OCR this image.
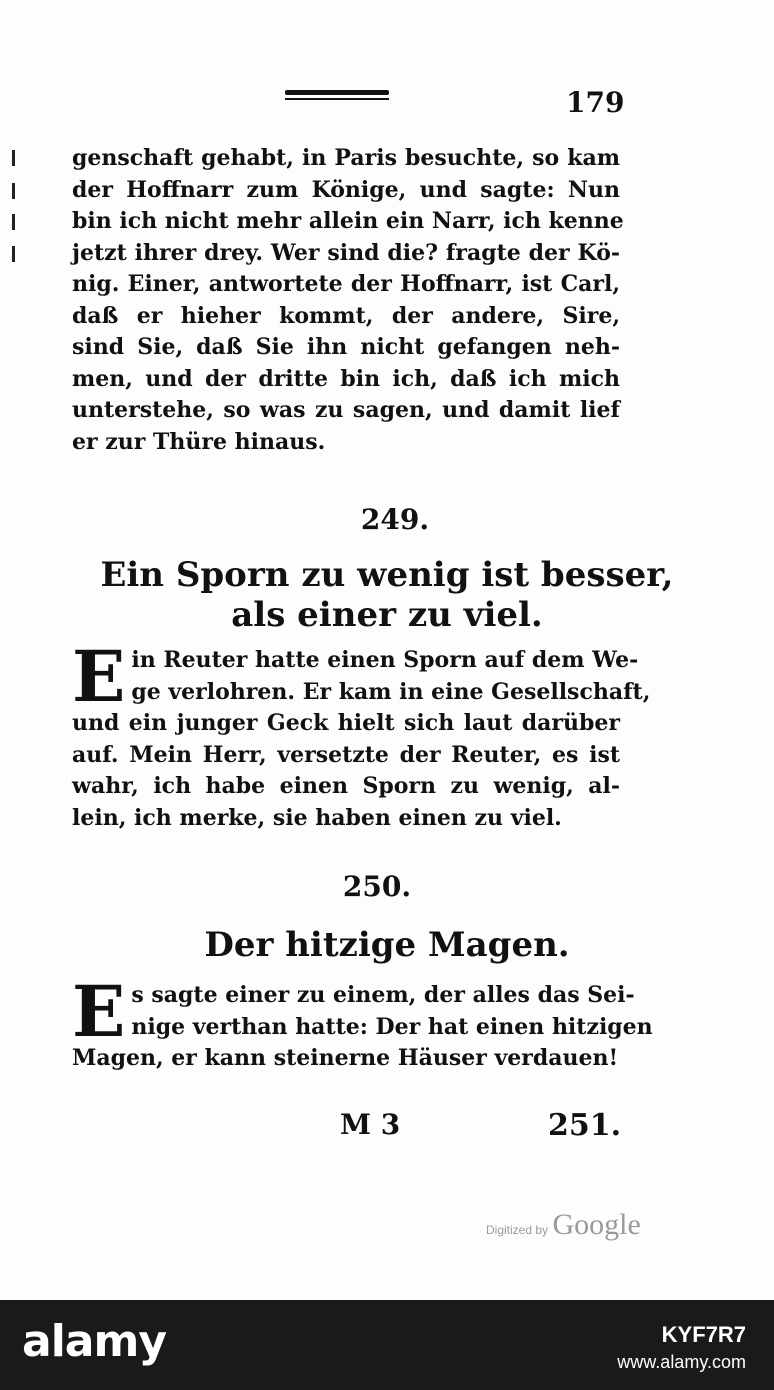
179
genschaft gehabt, in Paris besuchte, so kam
der Hoffnarr zum Könige, und sagte: Nun
bin ich nicht mehr allein ein Narr, ich kenne
jetzt ihrer drey. Wer sind die? fragte der Kö-
nig. Einer, antwortete der Hoffnarr, ist Carl,
daß er hieher kommt, der andere, Sire,
sind Sie, daß Sie ihn nicht gefangen neh-
men, und der dritte bin ich, daß ich mich
unterstehe, so was zu sagen, und damit lief
er zur Thüre hinaus.
249.
Ein Sporn zu wenig ist besser,
als einer zu viel.
E in Reuter hatte einen Sporn auf dem We-
ge verlohren. Er kam in eine Gesellschaft,
und ein junger Geck hielt sich laut darüber
auf. Mein Herr, versetzte der Reuter, es ist
wahr, ich habe einen Sporn zu wenig, al-
lein, ich merke, sie haben einen zu viel.
250.
Der hitzige Magen.
E s sagte einer zu einem, der alles das Sei-
nige verthan hatte: Der hat einen hitzigen
Magen, er kann steinerne Häuser verdauen!
M 3	251.
Digitized by Google
alamy	KYF7R7
www.alamy.com
